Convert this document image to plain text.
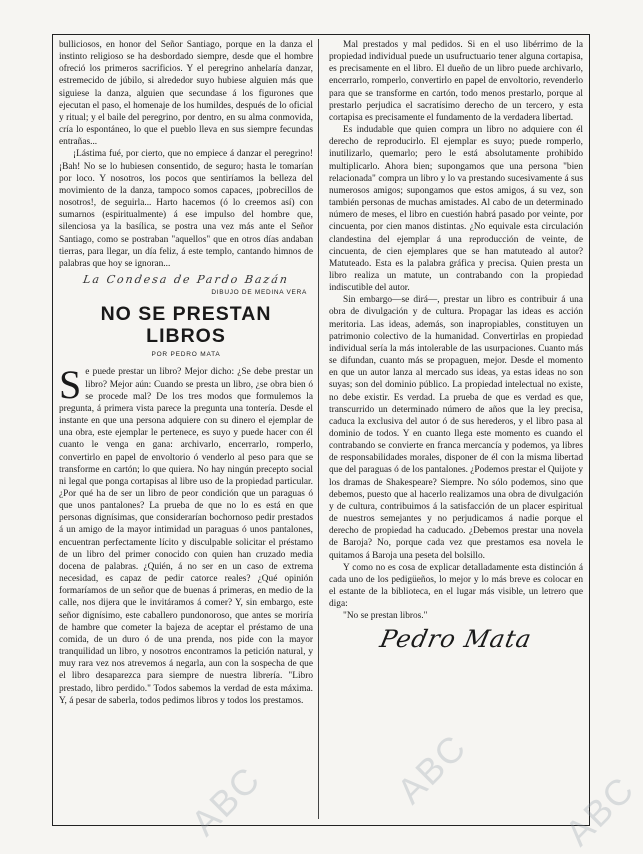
bulliciosos, en honor del Señor Santiago, porque en la danza el instinto religioso se ha desbordado siempre, desde que el hombre ofreció los primeros sacrificios. Y el peregrino anhelaría danzar, estremecido de júbilo, si alrededor suyo hubiese alguien más que siguiese la danza, alguien que secundase á los figurones que ejecutan el paso, el homenaje de los humildes, después de lo oficial y ritual; y el baile del peregrino, por dentro, en su alma conmovida, cría lo espontáneo, lo que el pueblo lleva en sus siempre fecundas entrañas...

¡Lástima fué, por cierto, que no empiece á danzar el peregrino! ¡Bah! No se lo hubiesen consentido, de seguro; hasta le tomarían por loco. Y nosotros, los pocos que sentiríamos la belleza del movimiento de la danza, tampoco somos capaces, ¡pobrecillos de nosotros!, de seguirla... Harto hacemos (ó lo creemos así) con sumarnos (espiritualmente) á ese impulso del hombre que, silenciosa ya la basílica, se postra una vez más ante el Señor Santiago, como se postraban "aquellos" que en otros días andaban tierras, para llegar, un día feliz, á este templo, cantando himnos de palabras que hoy se ignoran...

La Condesa de Pardo Bazán
DIBUJO DE MEDINA VERA
NO SE PRESTAN LIBROS
POR PEDRO MATA

Se puede prestar un libro? Mejor dicho: ¿Se debe prestar un libro? Mejor aún: Cuando se presta un libro, ¿se obra bien ó se procede mal? De los tres modos que formulemos la pregunta, á primera vista parece la pregunta una tontería. Desde el instante en que una persona adquiere con su dinero el ejemplar de una obra, este ejemplar le pertenece, es suyo y puede hacer con él cuanto le venga en gana: archivarlo, encerrarlo, romperlo, convertirlo en papel de envoltorio ó venderlo al peso para que se transforme en cartón; lo que quiera. No hay ningún precepto social ni legal que ponga cortapisas al libre uso de la propiedad particular. ¿Por qué ha de ser un libro de peor condición que un paraguas ó que unos pantalones? La prueba de que no lo es está en que personas dignísimas, que considerarían bochornoso pedir prestados á un amigo de la mayor intimidad un paraguas ó unos pantalones, encuentran perfectamente lícito y disculpable solicitar el préstamo de un libro del primer conocido con quien han cruzado media docena de palabras. ¿Quién, á no ser en un caso de extrema necesidad, es capaz de pedir catorce reales? ¿Qué opinión formaríamos de un señor que de buenas á primeras, en medio de la calle, nos dijera que le invitáramos á comer? Y, sin embargo, este señor dignísimo, este caballero pundonoroso, que antes se moriría de hambre que cometer la bajeza de aceptar el préstamo de una comida, de un duro ó de una prenda, nos pide con la mayor tranquilidad un libro, y nosotros encontramos la petición natural, y muy rara vez nos atrevemos á negarla, aun con la sospecha de que el libro desaparezca para siempre de nuestra librería. "Libro prestado, libro perdido." Todos sabemos la verdad de esta máxima. Y, á pesar de saberla, todos pedimos libros y todos los prestamos.

Mal prestados y mal pedidos. Si en el uso libérrimo de la propiedad individual puede un usufructuario tener alguna cortapisa, es precisamente en el libro. El dueño de un libro puede archivarlo, encerrarlo, romperlo, convertirlo en papel de envoltorio, revenderlo para que se transforme en cartón, todo menos prestarlo, porque al prestarlo perjudica el sacratísimo derecho de un tercero, y esta cortapisa es precisamente el fundamento de la verdadera libertad.

Es indudable que quien compra un libro no adquiere con él derecho de reproducirlo. El ejemplar es suyo; puede romperlo, inutilizarlo, quemarlo; pero le está absolutamente prohibido multiplicarlo. Ahora bien; supongamos que una persona "bien relacionada" compra un libro y lo va prestando sucesivamente á sus numerosos amigos; supongamos que estos amigos, á su vez, son también personas de muchas amistades. Al cabo de un determinado número de meses, el libro en cuestión habrá pasado por veinte, por cincuenta, por cien manos distintas. ¿No equivale esta circulación clandestina del ejemplar á una reproducción de veinte, de cincuenta, de cien ejemplares que se han matuteado al autor? Matuteado. Esta es la palabra gráfica y precisa. Quien presta un libro realiza un matute, un contrabando con la propiedad indiscutible del autor.

Sin embargo—se dirá—, prestar un libro es contribuir á una obra de divulgación y de cultura. Propagar las ideas es acción meritoria. Las ideas, además, son inapropiables, constituyen un patrimonio colectivo de la humanidad. Convertirlas en propiedad individual sería la más intolerable de las usurpaciones. Cuanto más se difundan, cuanto más se propaguen, mejor. Desde el momento en que un autor lanza al mercado sus ideas, ya estas ideas no son suyas; son del dominio público. La propiedad intelectual no existe, no debe existir. Es verdad. La prueba de que es verdad es que, transcurrido un determinado número de años que la ley precisa, caduca la exclusiva del autor ó de sus herederos, y el libro pasa al dominio de todos. Y en cuanto llega este momento es cuando el contrabando se convierte en franca mercancía y podemos, ya libres de responsabilidades morales, disponer de él con la misma libertad que del paraguas ó de los pantalones. ¿Podemos prestar el Quijote y los dramas de Shakespeare? Siempre. No sólo podemos, sino que debemos, puesto que al hacerlo realizamos una obra de divulgación y de cultura, contribuimos á la satisfacción de un placer espiritual de nuestros semejantes y no perjudicamos á nadie porque el derecho de propiedad ha caducado. ¿Debemos prestar una novela de Baroja? No, porque cada vez que prestamos esa novela le quitamos á Baroja una peseta del bolsillo.

Y como no es cosa de explicar detalladamente esta distinción á cada uno de los pedigüeños, lo mejor y lo más breve es colocar en el estante de la biblioteca, en el lugar más visible, un letrero que diga:

"No se prestan libros."

Pedro Mata
ABC
ABC	ABC
